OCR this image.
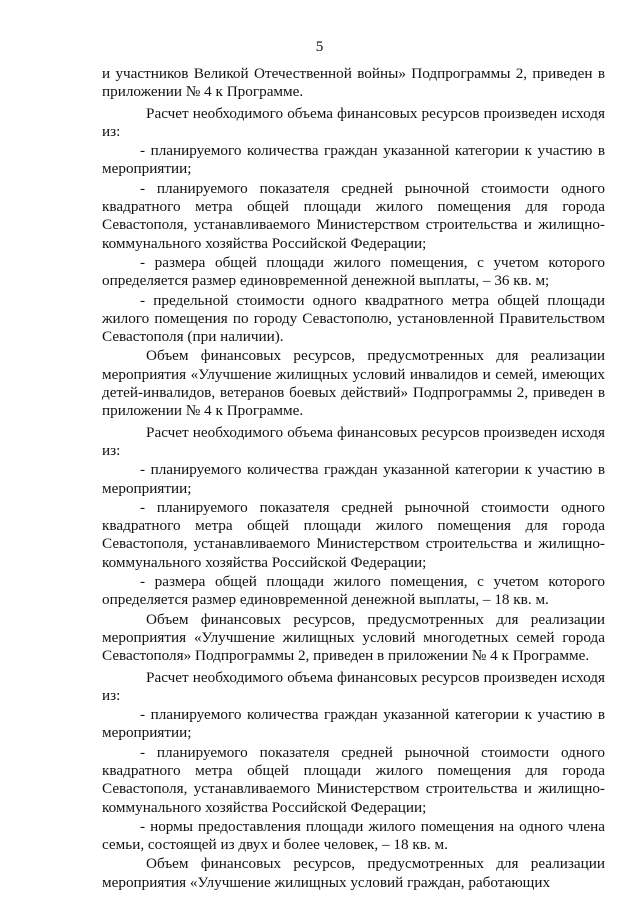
5

и участников Великой Отечественной войны» Подпрограммы 2, приведен в приложении № 4 к Программе.

Расчет необходимого объема финансовых ресурсов произведен исходя из:

- планируемого количества граждан указанной категории к участию в мероприятии;

- планируемого показателя средней рыночной стоимости одного квадратного метра общей площади жилого помещения для города Севастополя, устанавливаемого Министерством строительства и жилищно-коммунального хозяйства Российской Федерации;

- размера общей площади жилого помещения, с учетом которого определяется размер единовременной денежной выплаты, – 36 кв. м;

- предельной стоимости одного квадратного метра общей площади жилого помещения по городу Севастополю, установленной Правительством Севастополя (при наличии).

Объем финансовых ресурсов, предусмотренных для реализации мероприятия «Улучшение жилищных условий инвалидов и семей, имеющих детей-инвалидов, ветеранов боевых действий» Подпрограммы 2, приведен в приложении № 4 к Программе.

Расчет необходимого объема финансовых ресурсов произведен исходя из:

- планируемого количества граждан указанной категории к участию в мероприятии;

- планируемого показателя средней рыночной стоимости одного квадратного метра общей площади жилого помещения для города Севастополя, устанавливаемого Министерством строительства и жилищно-коммунального хозяйства Российской Федерации;

- размера общей площади жилого помещения, с учетом которого определяется размер единовременной денежной выплаты, – 18 кв. м.

Объем финансовых ресурсов, предусмотренных для реализации мероприятия «Улучшение жилищных условий многодетных семей города Севастополя» Подпрограммы 2, приведен в приложении № 4 к Программе.

Расчет необходимого объема финансовых ресурсов произведен исходя из:

- планируемого количества граждан указанной категории к участию в мероприятии;

- планируемого показателя средней рыночной стоимости одного квадратного метра общей площади жилого помещения для города Севастополя, устанавливаемого Министерством строительства и жилищно-коммунального хозяйства Российской Федерации;

- нормы предоставления площади жилого помещения на одного члена семьи, состоящей из двух и более человек, – 18 кв. м.

Объем финансовых ресурсов, предусмотренных для реализации мероприятия «Улучшение жилищных условий граждан, работающих
